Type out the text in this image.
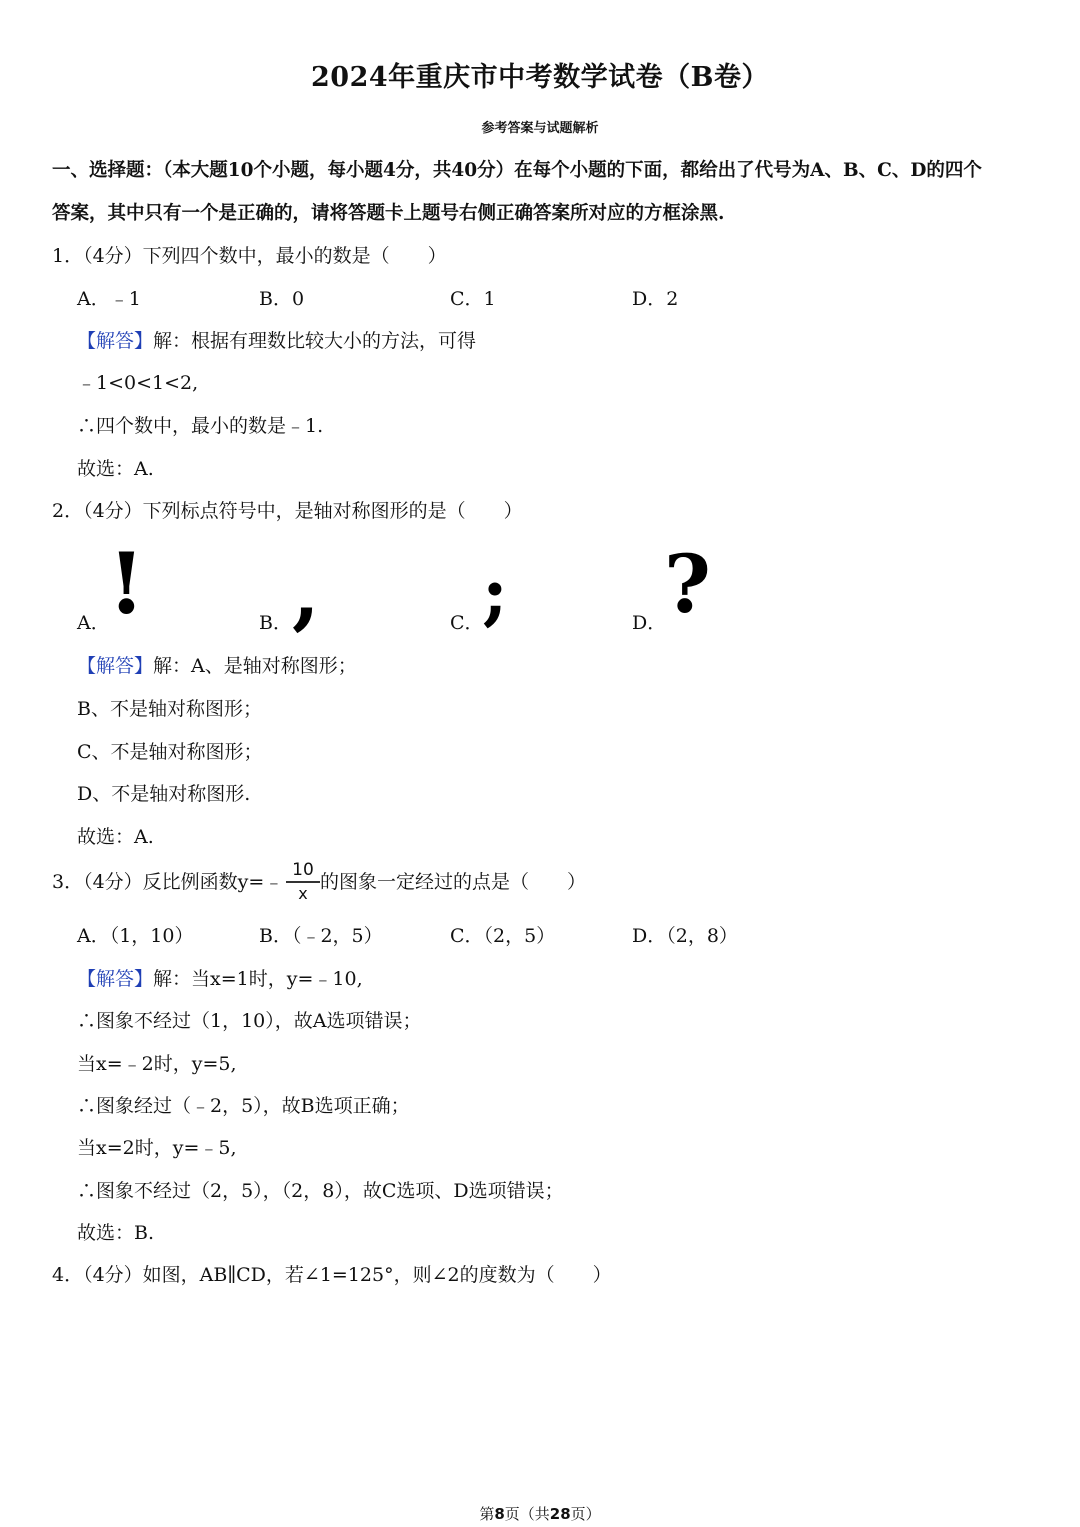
2024年重庆市中考数学试卷（B卷）
参考答案与试题解析
一、选择题：（本大题10个小题，每小题4分，共40分）在每个小题的下面，都给出了代号为A、B、C、D的四个
答案，其中只有一个是正确的，请将答题卡上题号右侧正确答案所对应的方框涂黑.
1．（4分）下列四个数中，最小的数是（　　）
A．﹣1	B．0	C．1	D．2
【解答】解：根据有理数比较大小的方法，可得
﹣1<0<1<2,
∴四个数中，最小的数是﹣1.
故选：A.
2．（4分）下列标点符号中，是轴对称图形的是（　　）
A．	B．	C．	D．
! , ; ?
【解答】解：A、是轴对称图形；
B、不是轴对称图形；
C、不是轴对称图形；
D、不是轴对称图形.
故选：A.
3．（4分）反比例函数y=﹣
10
x 的图象一定经过的点是（　　）
A．（1，10）	B．（﹣2，5）	C．（2，5）	D．（2，8）
【解答】解：当x=1时，y=﹣10,
∴图象不经过（1，10），故A选项错误；
当x=﹣2时，y=5,
∴图象经过（﹣2，5），故B选项正确；
当x=2时，y=﹣5,
∴图象不经过（2，5），（2，8），故C选项、D选项错误；
故选：B.
4．（4分）如图，AB∥CD，若∠1=125°，则∠2的度数为（　　）
第8页（共28页）
